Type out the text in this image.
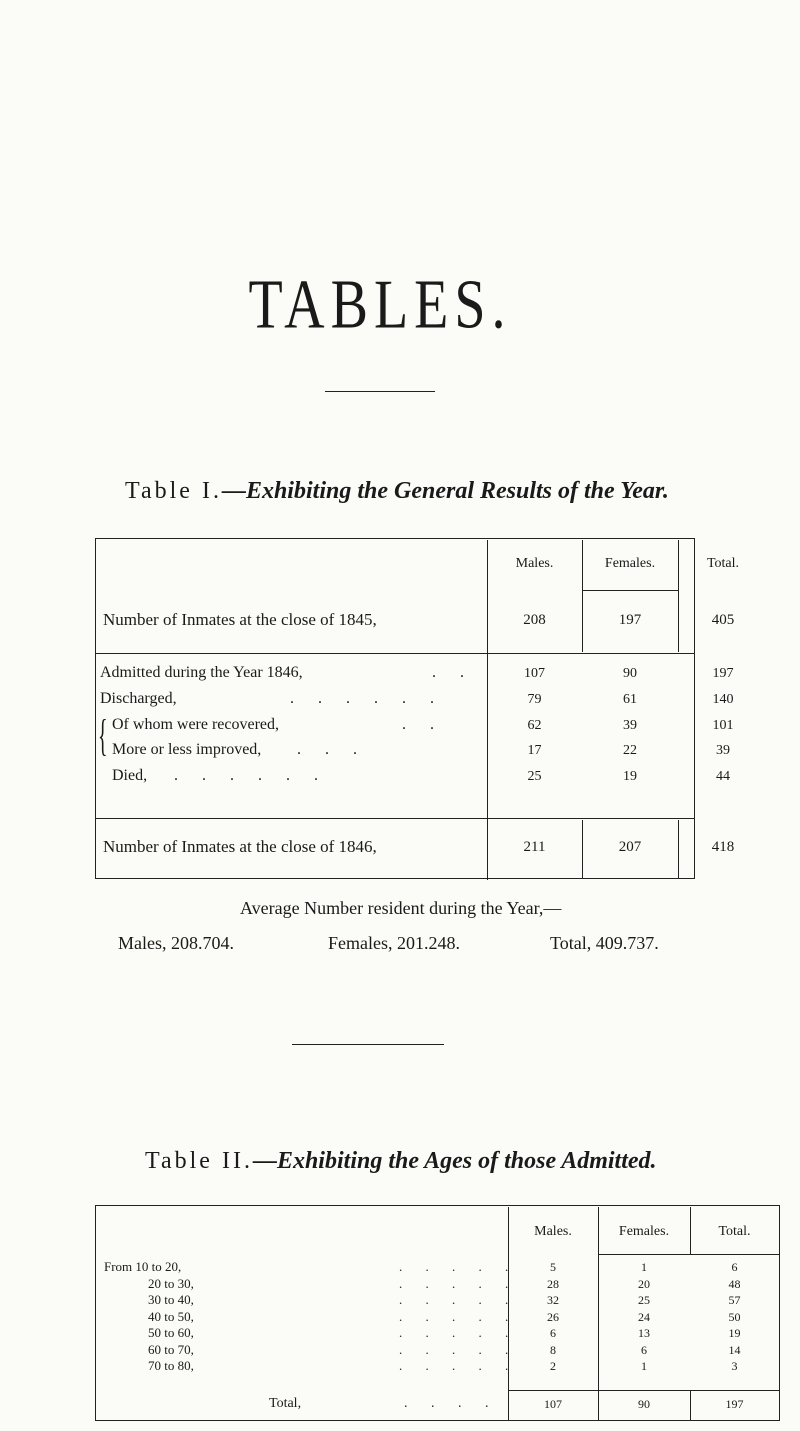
TABLES.
Table I.—Exhibiting the General Results of the Year.
Males.	Females.	Total.
Number of Inmates at the close of 1845,	208	197	405
Admitted during the Year 1846,	. .	107	90	197
Discharged,	. . . . . .	79	61	140
{ Of whom were recovered,	. .	62	39	101
More or less improved, . . .	17	22	39
Died, . . . . . .	25	19	44
Number of Inmates at the close of 1846,	211	207	418
Average Number resident during the Year,—
Males, 208.704.	Females, 201.248.	Total, 409.737.
Table II.—Exhibiting the Ages of those Admitted.
Males.	Females.	Total.
From 10 to 20,	. . . . .	5	1	6
20 to 30,	. . . . .	28	20	48
30 to 40,	. . . . .	32	25	57
40 to 50,	. . . . .	26	24	50
50 to 60,	. . . . .	6	13	19
60 to 70,	. . . . .	8	6	14
70 to 80,	. . . . .	2	1	3
Total,	. . . .	107	90	197
